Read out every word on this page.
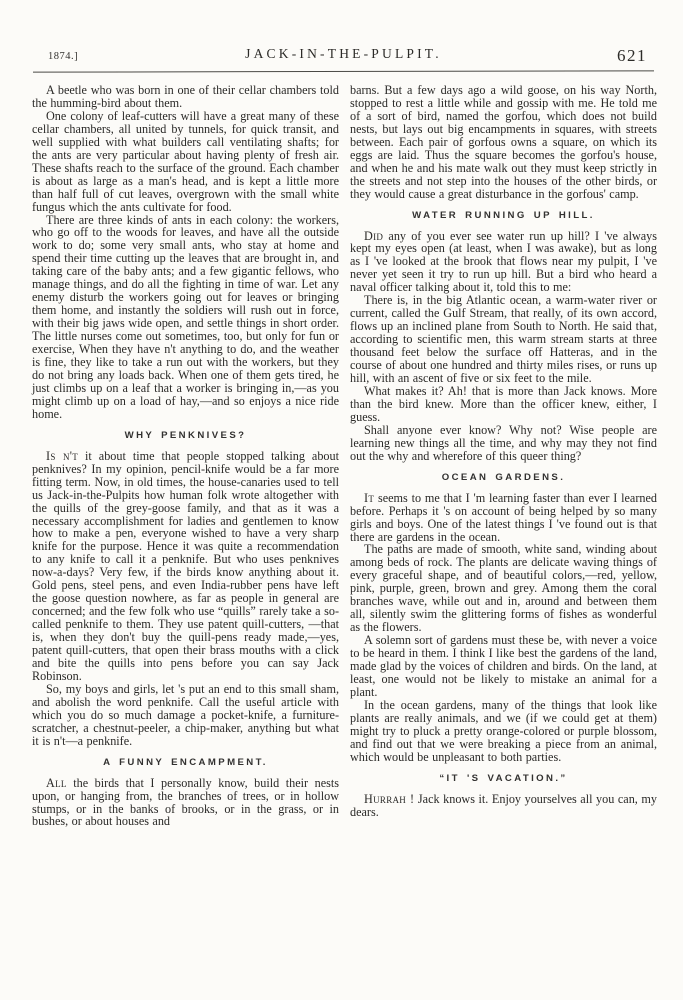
1874.]	JACK-IN-THE-PULPIT.	621

A beetle who was born in one of their cellar chambers told the humming-bird about them.

One colony of leaf-cutters will have a great many of these cellar chambers, all united by tunnels, for quick transit, and well supplied with what builders call ventilating shafts; for the ants are very particular about having plenty of fresh air. These shafts reach to the surface of the ground. Each chamber is about as large as a man's head, and is kept a little more than half full of cut leaves, overgrown with the small white fungus which the ants cultivate for food.

There are three kinds of ants in each colony: the workers, who go off to the woods for leaves, and have all the outside work to do; some very small ants, who stay at home and spend their time cutting up the leaves that are brought in, and taking care of the baby ants; and a few gigantic fellows, who manage things, and do all the fighting in time of war. Let any enemy disturb the workers going out for leaves or bringing them home, and instantly the soldiers will rush out in force, with their big jaws wide open, and settle things in short order. The little nurses come out sometimes, too, but only for fun or exercise, When they have n't anything to do, and the weather is fine, they like to take a run out with the workers, but they do not bring any loads back. When one of them gets tired, he just climbs up on a leaf that a worker is bringing in,—as you might climb up on a load of hay,—and so enjoys a nice ride home.

WHY PENKNIVES?

Is n't it about time that people stopped talking about penknives? In my opinion, pencil-knife would be a far more fitting term. Now, in old times, the house-canaries used to tell us Jack-in-the-Pulpits how human folk wrote altogether with the quills of the grey-goose family, and that as it was a necessary accomplishment for ladies and gentlemen to know how to make a pen, everyone wished to have a very sharp knife for the purpose. Hence it was quite a recommendation to any knife to call it a penknife. But who uses penknives now-a-days? Very few, if the birds know anything about it. Gold pens, steel pens, and even India-rubber pens have left the goose question nowhere, as far as people in general are concerned; and the few folk who use “quills” rarely take a so-called penknife to them. They use patent quill-cutters, —that is, when they don't buy the quill-pens ready made,—yes, patent quill-cutters, that open their brass mouths with a click and bite the quills into pens before you can say Jack Robinson.

So, my boys and girls, let 's put an end to this small sham, and abolish the word penknife. Call the useful article with which you do so much damage a pocket-knife, a furniture-scratcher, a chestnut-peeler, a chip-maker, anything but what it is n't—a penknife.

A FUNNY ENCAMPMENT.

All the birds that I personally know, build their nests upon, or hanging from, the branches of trees, or in hollow stumps, or in the banks of brooks, or in the grass, or in bushes, or about houses and

barns. But a few days ago a wild goose, on his way North, stopped to rest a little while and gossip with me. He told me of a sort of bird, named the gorfou, which does not build nests, but lays out big encampments in squares, with streets between. Each pair of gorfous owns a square, on which its eggs are laid. Thus the square becomes the gorfou's house, and when he and his mate walk out they must keep strictly in the streets and not step into the houses of the other birds, or they would cause a great disturbance in the gorfous' camp.

WATER RUNNING UP HILL.

Did any of you ever see water run up hill? I 've always kept my eyes open (at least, when I was awake), but as long as I 've looked at the brook that flows near my pulpit, I 've never yet seen it try to run up hill. But a bird who heard a naval officer talking about it, told this to me:

There is, in the big Atlantic ocean, a warm-water river or current, called the Gulf Stream, that really, of its own accord, flows up an inclined plane from South to North. He said that, according to scientific men, this warm stream starts at three thousand feet below the surface off Hatteras, and in the course of about one hundred and thirty miles rises, or runs up hill, with an ascent of five or six feet to the mile.

What makes it? Ah! that is more than Jack knows. More than the bird knew. More than the officer knew, either, I guess.

Shall anyone ever know? Why not? Wise people are learning new things all the time, and why may they not find out the why and wherefore of this queer thing?

OCEAN GARDENS.

It seems to me that I 'm learning faster than ever I learned before. Perhaps it 's on account of being helped by so many girls and boys. One of the latest things I 've found out is that there are gardens in the ocean.

The paths are made of smooth, white sand, winding about among beds of rock. The plants are delicate waving things of every graceful shape, and of beautiful colors,—red, yellow, pink, purple, green, brown and grey. Among them the coral branches wave, while out and in, around and between them all, silently swim the glittering forms of fishes as wonderful as the flowers.

A solemn sort of gardens must these be, with never a voice to be heard in them. I think I like best the gardens of the land, made glad by the voices of children and birds. On the land, at least, one would not be likely to mistake an animal for a plant.

In the ocean gardens, many of the things that look like plants are really animals, and we (if we could get at them) might try to pluck a pretty orange-colored or purple blossom, and find out that we were breaking a piece from an animal, which would be unpleasant to both parties.

“IT 'S VACATION.”

Hurrah ! Jack knows it. Enjoy yourselves all you can, my dears.
